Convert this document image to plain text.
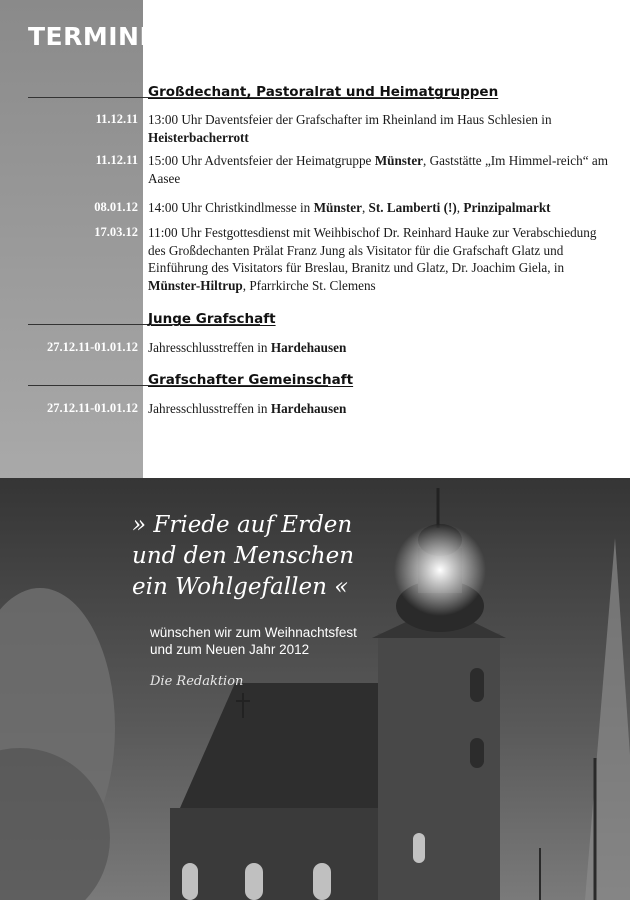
TERMINE
Großdechant, Pastoralrat und Heimatgruppen
11.12.11 13:00 Uhr Daventsfeier der Grafschafter im Rheinland im Haus Schlesien in Heisterbacherrott
11.12.11 15:00 Uhr Adventsfeier der Heimatgruppe Münster, Gaststätte „Im Himmel-reich“ am Aasee
08.01.12 14:00 Uhr Christkindlmesse in Münster, St. Lamberti (!), Prinzipalmarkt
17.03.12 11:00 Uhr Festgottesdienst mit Weihbischof Dr. Reinhard Hauke zur Verabschiedung des Großdechanten Prälat Franz Jung als Visitator für die Grafschaft Glatz und Einführung des Visitators für Breslau, Branitz und Glatz, Dr. Joachim Giela, in Münster-Hiltrup, Pfarrkirche St. Clemens
Junge Grafschaft
27.12.11-01.01.12 Jahresschlusstreffen in Hardehausen
Grafschafter Gemeinschaft
27.12.11-01.01.12 Jahresschlusstreffen in Hardehausen
» Friede auf Erden
und den Menschen
ein Wohlgefallen «
wünschen wir zum Weihnachtsfest
und zum Neuen Jahr 2012
Die Redaktion
